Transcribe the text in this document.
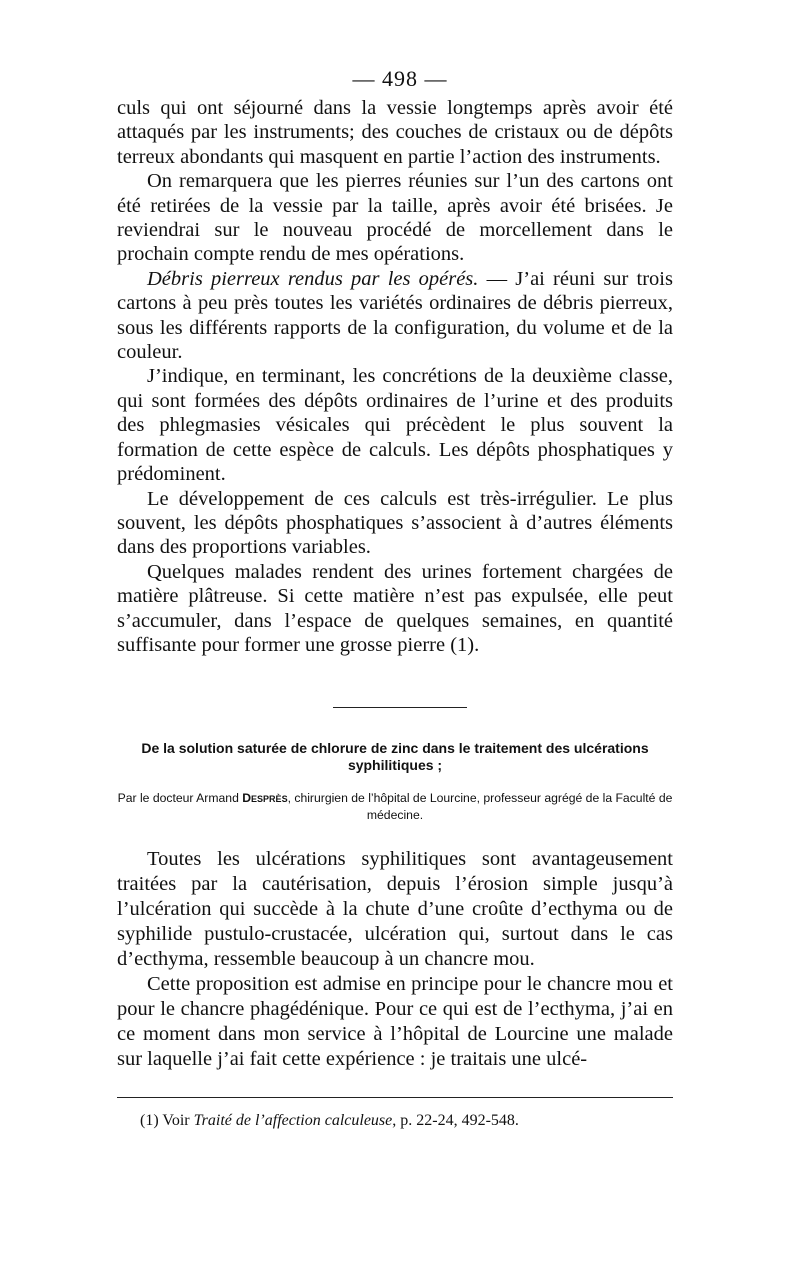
— 498 —

culs qui ont séjourné dans la vessie longtemps après avoir été attaqués par les instruments; des couches de cristaux ou de dépôts terreux abondants qui masquent en partie l’action des instruments.

On remarquera que les pierres réunies sur l’un des cartons ont été retirées de la vessie par la taille, après avoir été brisées. Je reviendrai sur le nouveau procédé de morcellement dans le prochain compte rendu de mes opérations.

Débris pierreux rendus par les opérés. — J’ai réuni sur trois cartons à peu près toutes les variétés ordinaires de débris pierreux, sous les différents rapports de la configuration, du volume et de la couleur.

J’indique, en terminant, les concrétions de la deuxième classe, qui sont formées des dépôts ordinaires de l’urine et des produits des phlegmasies vésicales qui précèdent le plus souvent la formation de cette espèce de calculs. Les dépôts phosphatiques y prédominent.

Le développement de ces calculs est très-irrégulier. Le plus souvent, les dépôts phosphatiques s’associent à d’autres éléments dans des proportions variables.

Quelques malades rendent des urines fortement chargées de matière plâtreuse. Si cette matière n’est pas expulsée, elle peut s’accumuler, dans l’espace de quelques semaines, en quantité suffisante pour former une grosse pierre (1).

De la solution saturée de chlorure de zinc dans le traitement des ulcérations syphilitiques ;
Par le docteur Armand Desprès, chirurgien de l’hôpital de Lourcine, professeur agrégé de la Faculté de médecine.

Toutes les ulcérations syphilitiques sont avantageusement traitées par la cautérisation, depuis l’érosion simple jusqu’à l’ulcération qui succède à la chute d’une croûte d’ecthyma ou de syphilide pustulo-crustacée, ulcération qui, surtout dans le cas d’ecthyma, ressemble beaucoup à un chancre mou.

Cette proposition est admise en principe pour le chancre mou et pour le chancre phagédénique. Pour ce qui est de l’ecthyma, j’ai en ce moment dans mon service à l’hôpital de Lourcine une malade sur laquelle j’ai fait cette expérience : je traitais une ulcé-

(1) Voir Traité de l’affection calculeuse, p. 22-24, 492-548.
